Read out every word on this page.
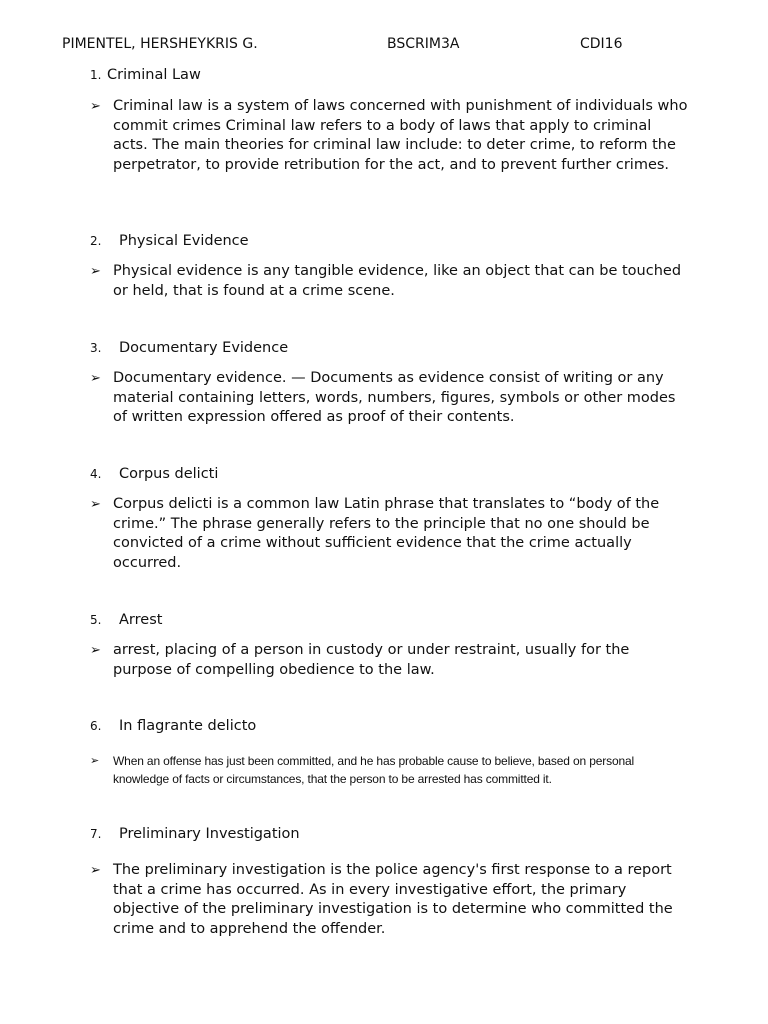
PIMENTEL, HERSHEYKRIS G.	BSCRIM3A	CDI16
1. Criminal Law
➢ Criminal law is a system of laws concerned with punishment of individuals who commit crimes Criminal law refers to a body of laws that apply to criminal acts. The main theories for criminal law include: to deter crime, to reform the perpetrator, to provide retribution for the act, and to prevent further crimes.
2. Physical Evidence
➢ Physical evidence is any tangible evidence, like an object that can be touched or held, that is found at a crime scene.
3. Documentary Evidence
➢ Documentary evidence. — Documents as evidence consist of writing or any material containing letters, words, numbers, figures, symbols or other modes of written expression offered as proof of their contents.
4. Corpus delicti
➢ Corpus delicti is a common law Latin phrase that translates to “body of the crime.” The phrase generally refers to the principle that no one should be convicted of a crime without sufficient evidence that the crime actually occurred.
5. Arrest
➢ arrest, placing of a person in custody or under restraint, usually for the purpose of compelling obedience to the law.
6. In flagrante delicto
➢ When an offense has just been committed, and he has probable cause to believe, based on personal knowledge of facts or circumstances, that the person to be arrested has committed it.
7. Preliminary Investigation
➢ The preliminary investigation is the police agency's first response to a report that a crime has occurred. As in every investigative effort, the primary objective of the preliminary investigation is to determine who committed the crime and to apprehend the offender.
